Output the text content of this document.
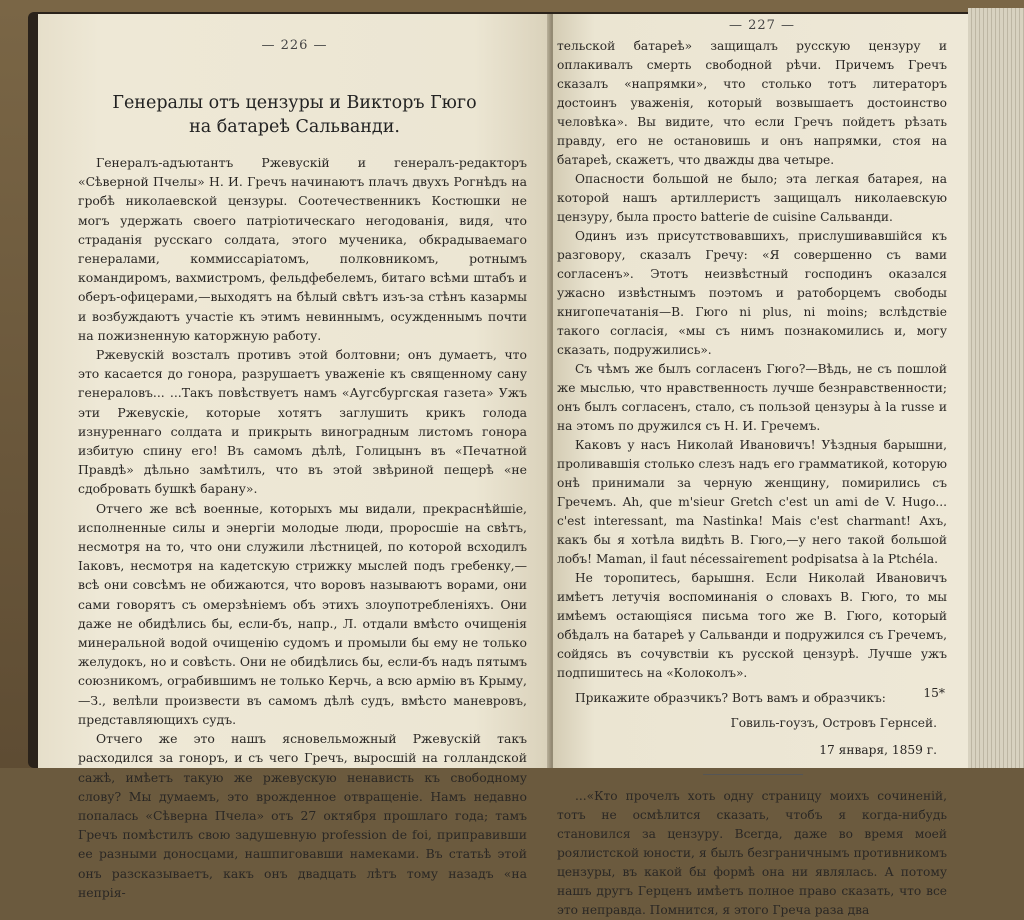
— 226 —
Генералы отъ цензуры и Викторъ Гюго
на батареѣ Сальванди.

Генералъ-адъютантъ Ржевускій и генералъ-редакторъ «Сѣверной Пчелы» Н. И. Гречъ начинаютъ плачъ двухъ Рогнѣдъ на гробѣ николаевской цензуры. Соотечественникъ Костюшки не могъ удержать своего патріотическаго негодованія, видя, что страданія русскаго солдата, этого мученика, обкрадываемаго генералами, коммиссаріатомъ, полковникомъ, ротнымъ командиромъ, вахмистромъ, фельдфебелемъ, битаго всѣми штабъ и оберъ-офицерами,—выходятъ на бѣлый свѣтъ изъ-за стѣнъ казармы и возбуждаютъ участіе къ этимъ невиннымъ, осужденнымъ почти на пожизненную каторжную работу.

Ржевускій возсталъ противъ этой болтовни; онъ думаетъ, что это касается до гонора, разрушаетъ уваженіе къ священному сану генераловъ... ...Такъ повѣствуетъ намъ «Аугсбургская газета» Ужъ эти Ржевускіе, которые хотятъ заглушить крикъ голода изнуреннаго солдата и прикрыть виноградным листомъ гонора избитую спину его! Въ самомъ дѣлѣ, Голицынъ въ «Печатной Правдѣ» дѣльно замѣтилъ, что въ этой звѣриной пещерѣ «не сдобровать бушкѣ барану».

Отчего же всѣ военные, которыхъ мы видали, прекраснѣйшіе, исполненные силы и энергіи молодые люди, проросшіе на свѣтъ, несмотря на то, что они служили лѣстницей, по которой всходилъ Іаковъ, несмотря на кадетскую стрижку мыслей подъ гребенку,—всѣ они совсѣмъ не обижаются, что воровъ называютъ ворами, они сами говорятъ съ омерзѣніемъ объ этихъ злоупотребленіяхъ. Они даже не обидѣлись бы, если-бъ, напр., Л. отдали вмѣсто очищенія минеральной водой очищенію судомъ и промыли бы ему не только желудокъ, но и совѣсть. Они не обидѣлись бы, если-бъ надъ пятымъ союзникомъ, ограбившимъ не только Керчь, а всю армію въ Крыму,—З., велѣли произвести въ самомъ дѣлѣ судъ, вмѣсто маневровъ, представляющихъ судъ.

Отчего же это нашъ ясновельможный Ржевускій такъ расходился за гоноръ, и съ чего Гречъ, выросшій на голландской сажѣ, имѣетъ такую же ржевускую ненависть къ свободному слову? Мы думаемъ, это врожденное отвращеніе. Намъ недавно попалась «Сѣверна Пчела» отъ 27 октября прошлаго года; тамъ Гречъ помѣстилъ свою задушевную profession de foi, приправивши ее разными доносцами, нашпиговавши намеками. Въ статьѣ этой онъ разсказываетъ, какъ онъ двадцать лѣтъ тому назадъ «на непрія-

— 227 —

тельской батареѣ» защищалъ русскую цензуру и оплакивалъ смерть свободной рѣчи. Причемъ Гречъ сказалъ «напрямки», что столько тотъ литераторъ достоинъ уваженія, который возвышаетъ достоинство человѣка». Вы видите, что если Гречъ пойдетъ рѣзать правду, его не остановишь и онъ напрямки, стоя на батареѣ, скажетъ, что дважды два четыре.

Опасности большой не было; эта легкая батарея, на которой нашъ артиллеристъ защищалъ николаевскую цензуру, была просто batterie de cuisine Сальванди.

Одинъ изъ присутствовавшихъ, прислушивавшійся къ разговору, сказалъ Гречу: «Я совершенно съ вами согласенъ». Этотъ неизвѣстный господинъ оказался ужасно извѣстнымъ поэтомъ и ратоборцемъ свободы книгопечатанія—В. Гюго ni plus, ni moins; вслѣдствіе такого согласія, «мы съ нимъ познакомились и, могу сказать, подружились».

Съ чѣмъ же былъ согласенъ Гюго?—Вѣдь, не съ пошлой же мыслью, что нравственность лучше безнравственности; онъ былъ согласенъ, стало, съ пользой цензуры à la russe и на этомъ по дружился съ Н. И. Гречемъ.

Каковъ у насъ Николай Ивановичъ! Уѣздныя барышни, проливавшія столько слезъ надъ его грамматикой, которую онѣ принимали за черную женщину, помирились съ Гречемъ. Ah, que m'sieur Gretch c'est un ami de V. Hugo... c'est interessant, ma Nastinka! Mais c'est charmant! Ахъ, какъ бы я хотѣла видѣть В. Гюго,—у него такой большой лобъ! Maman, il faut nécessairement podpisatsa à la Ptchéla.

Не торопитесь, барышня. Если Николай Ивановичъ имѣетъ летучія воспоминанія о словахъ В. Гюго, то мы имѣемъ остающіяся письма того же В. Гюго, который обѣдалъ на батареѣ у Сальванди и подружился съ Гречемъ, сойдясь въ сочувствіи къ русской цензурѣ. Лучше ужъ подпишитесь на «Колоколъ».

Прикажите образчикъ? Вотъ вамъ и образчикъ:

Говиль-гоузъ, Островъ Гернсей.
17 января, 1859 г.

...«Кто прочелъ хоть одну страницу моихъ сочиненій, тотъ не осмѣлится сказать, чтобъ я когда-нибудь становился за цензуру. Всегда, даже во время моей роялистской юности, я былъ безграничнымъ противникомъ цензуры, въ какой бы формѣ она ни являлась. А потому нашъ другъ Герценъ имѣетъ полное право сказать, что все это неправда. Помнится, я этого Греча раза два

15*
